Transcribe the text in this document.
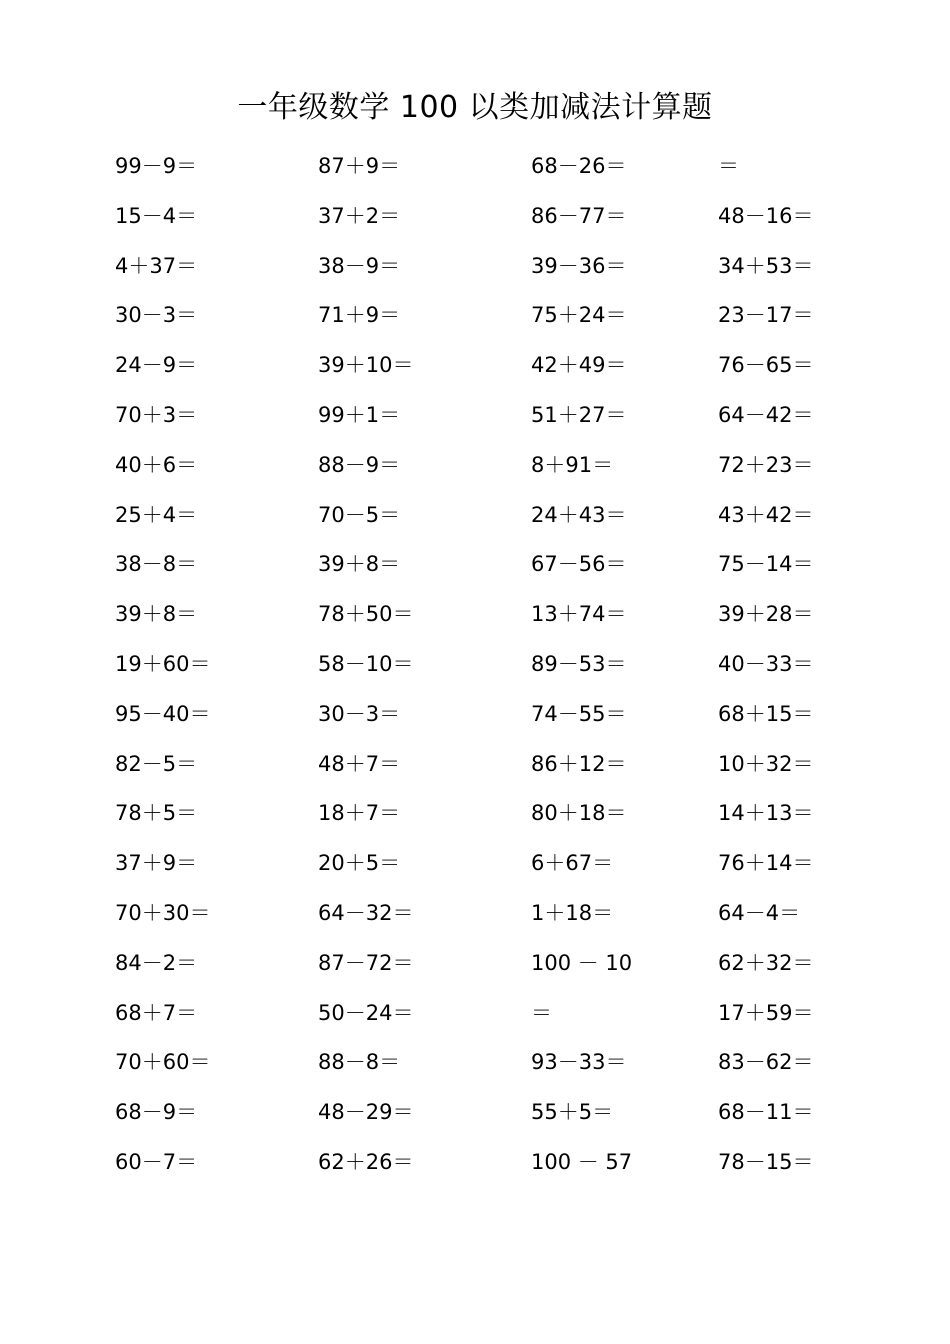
一年级数学 100 以类加减法计算题
99－9＝	87＋9＝	68－26＝	＝
15－4＝	37＋2＝	86－77＝	48－16＝
4＋37＝	38－9＝	39－36＝	34＋53＝
30－3＝	71＋9＝	75＋24＝	23－17＝
24－9＝	39＋10＝	42＋49＝	76－65＝
70＋3＝	99＋1＝	51＋27＝	64－42＝
40＋6＝	88－9＝	8＋91＝	72＋23＝
25＋4＝	70－5＝	24＋43＝	43＋42＝
38－8＝	39＋8＝	67－56＝	75－14＝
39＋8＝	78＋50＝	13＋74＝	39＋28＝
19＋60＝	58－10＝	89－53＝	40－33＝
95－40＝	30－3＝	74－55＝	68＋15＝
82－5＝	48＋7＝	86＋12＝	10＋32＝
78＋5＝	18＋7＝	80＋18＝	14＋13＝
37＋9＝	20＋5＝	6＋67＝	76＋14＝
70＋30＝	64－32＝	1＋18＝	64－4＝
84－2＝	87－72＝	100 － 10	62＋32＝
68＋7＝	50－24＝	＝	17＋59＝
70＋60＝	88－8＝	93－33＝	83－62＝
68－9＝	48－29＝	55＋5＝	68－11＝
60－7＝	62＋26＝	100 － 57	78－15＝
